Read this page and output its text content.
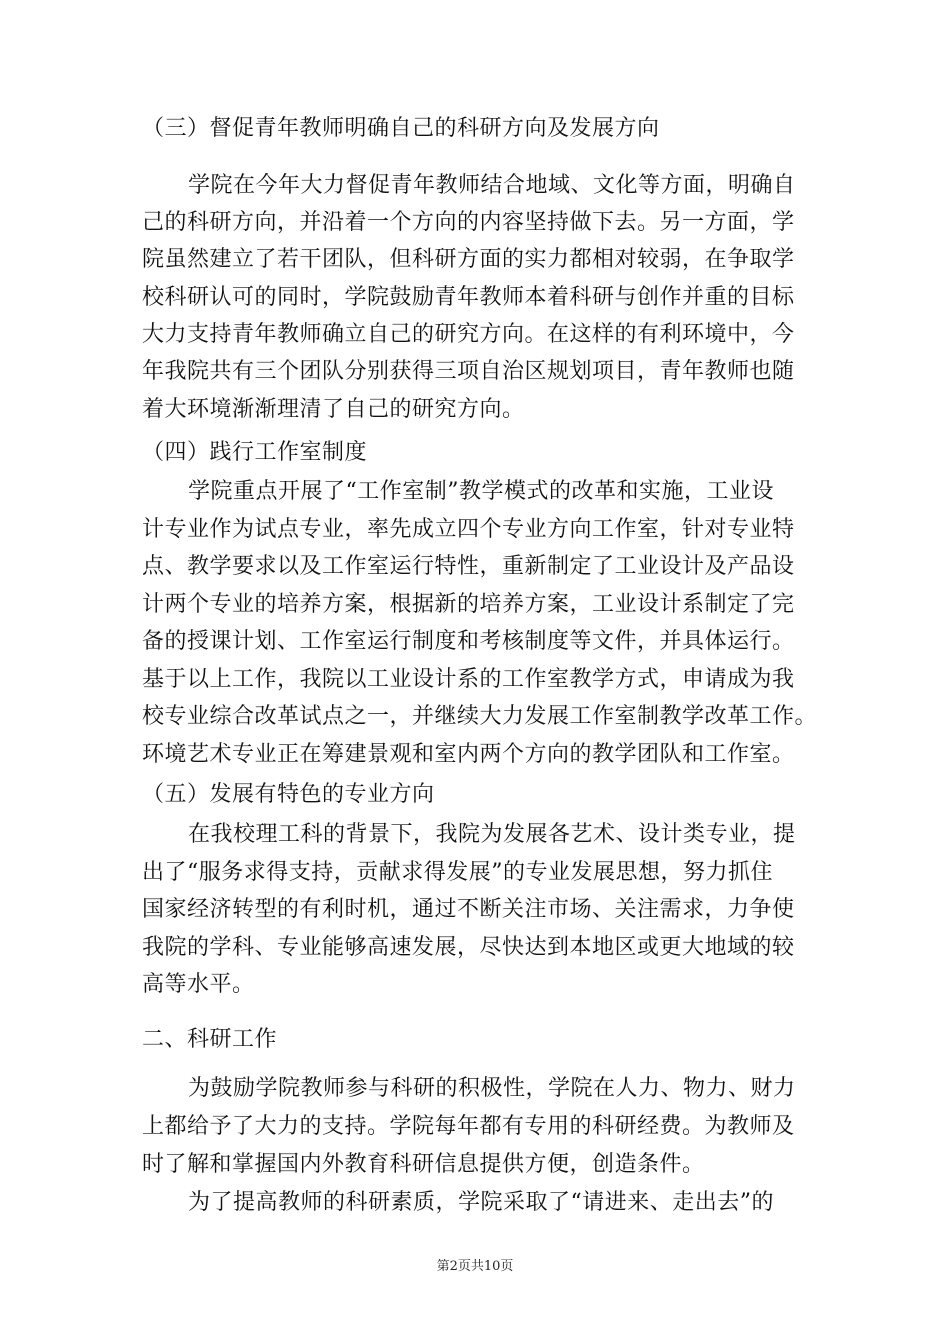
（三）督促青年教师明确自己的科研方向及发展方向
学院在今年大力督促青年教师结合地域、文化等方面，明确自
己的科研方向，并沿着一个方向的内容坚持做下去。另一方面，学
院虽然建立了若干团队，但科研方面的实力都相对较弱，在争取学
校科研认可的同时，学院鼓励青年教师本着科研与创作并重的目标
大力支持青年教师确立自己的研究方向。在这样的有利环境中，今
年我院共有三个团队分别获得三项自治区规划项目，青年教师也随
着大环境渐渐理清了自己的研究方向。
（四）践行工作室制度
学院重点开展了“工作室制”教学模式的改革和实施，工业设
计专业作为试点专业，率先成立四个专业方向工作室，针对专业特
点、教学要求以及工作室运行特性，重新制定了工业设计及产品设
计两个专业的培养方案，根据新的培养方案，工业设计系制定了完
备的授课计划、工作室运行制度和考核制度等文件，并具体运行。
基于以上工作，我院以工业设计系的工作室教学方式，申请成为我
校专业综合改革试点之一，并继续大力发展工作室制教学改革工作。
环境艺术专业正在筹建景观和室内两个方向的教学团队和工作室。
（五）发展有特色的专业方向
在我校理工科的背景下，我院为发展各艺术、设计类专业，提
出了“服务求得支持，贡献求得发展”的专业发展思想，努力抓住
国家经济转型的有利时机，通过不断关注市场、关注需求，力争使
我院的学科、专业能够高速发展，尽快达到本地区或更大地域的较
高等水平。
二、科研工作
为鼓励学院教师参与科研的积极性，学院在人力、物力、财力
上都给予了大力的支持。学院每年都有专用的科研经费。为教师及
时了解和掌握国内外教育科研信息提供方便，创造条件。
为了提高教师的科研素质，学院采取了“请进来、走出去”的
第2页共10页
